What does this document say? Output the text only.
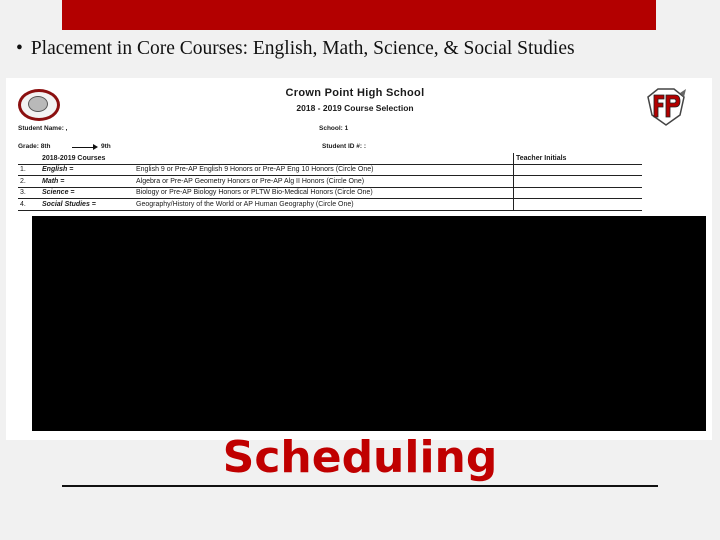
• Placement in Core Courses: English, Math, Science, & Social Studies
Crown Point High School
2018 - 2019 Course Selection
Student Name: ,	School: 1
Grade: 8th	9th	Student ID #: :
	2018-2019 Courses		Teacher Initials
1.	English =	English 9 or Pre-AP English 9 Honors or Pre-AP Eng 10 Honors (Circle One)	
2.	Math =	Algebra or Pre-AP Geometry Honors or Pre-AP Alg II Honors (Circle One)	
3.	Science =	Biology or Pre-AP Biology Honors or PLTW Bio-Medical Honors (Circle One)	
4.	Social Studies =	Geography/History of the World or AP Human Geography (Circle One)	
Scheduling
